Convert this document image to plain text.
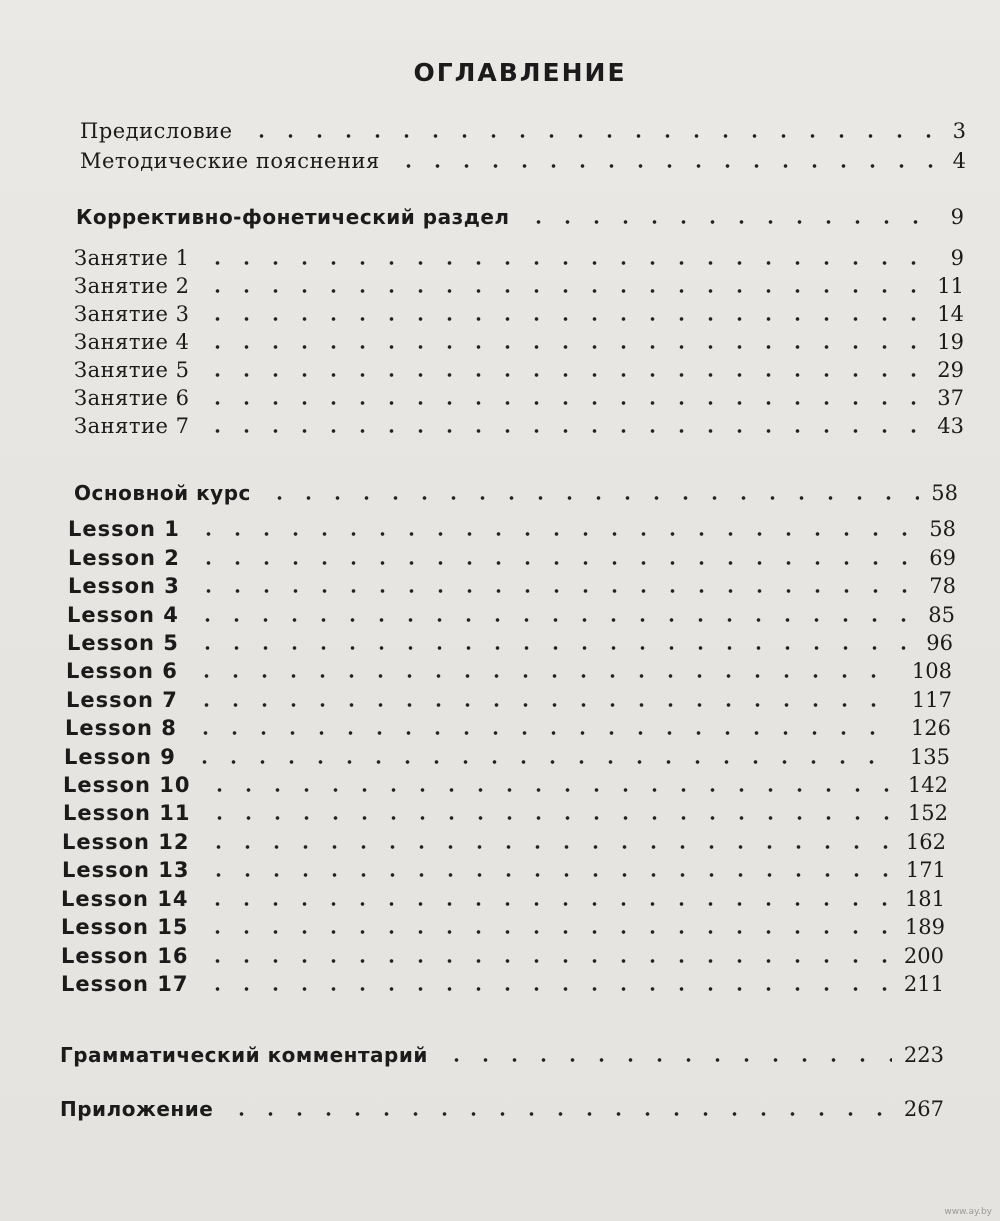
ОГЛАВЛЕНИЕ
Предисловие	3
Методические пояснения	4
Коррективно-фонетический раздел	9
Занятие 1	9
Занятие 2	11
Занятие 3	14
Занятие 4	19
Занятие 5	29
Занятие 6	37
Занятие 7	43
Основной курс	58
Lesson 1	58
Lesson 2	69
Lesson 3	78
Lesson 4	85
Lesson 5	96
Lesson 6	108
Lesson 7	117
Lesson 8	126
Lesson 9	135
Lesson 10	142
Lesson 11	152
Lesson 12	162
Lesson 13	171
Lesson 14	181
Lesson 15	189
Lesson 16	200
Lesson 17	211
Грамматический комментарий	223
Приложение	267
www.ay.by
